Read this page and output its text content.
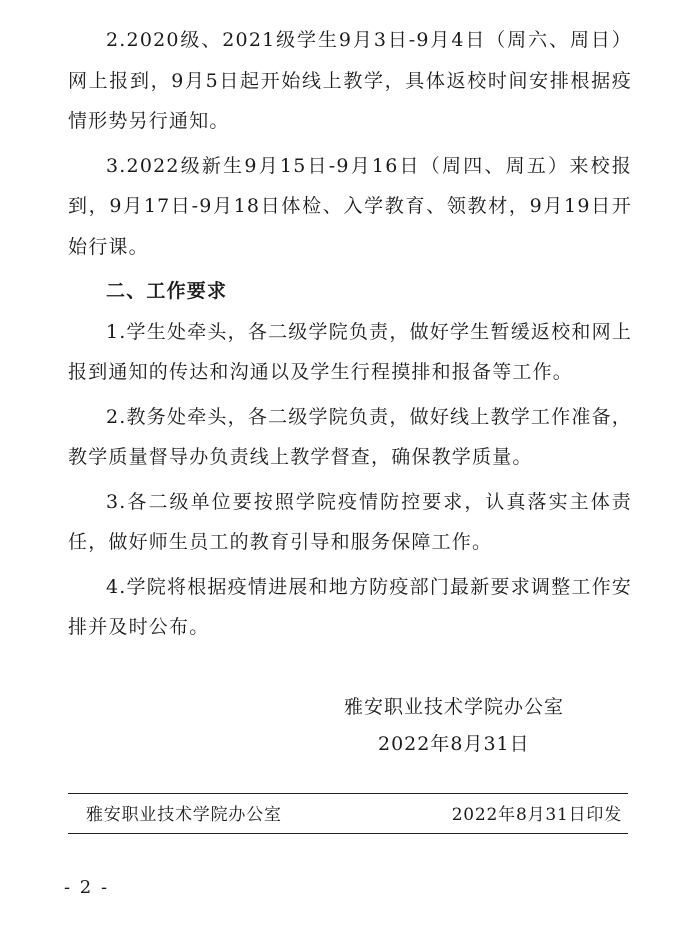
2.2020级、2021级学生9月3日-9月4日（周六、周日）网上报到，9月5日起开始线上教学，具体返校时间安排根据疫情形势另行通知。

3.2022级新生9月15日-9月16日（周四、周五）来校报到，9月17日-9月18日体检、入学教育、领教材，9月19日开始行课。

二、工作要求

1.学生处牵头，各二级学院负责，做好学生暂缓返校和网上报到通知的传达和沟通以及学生行程摸排和报备等工作。

2.教务处牵头，各二级学院负责，做好线上教学工作准备，教学质量督导办负责线上教学督查，确保教学质量。

3.各二级单位要按照学院疫情防控要求，认真落实主体责任，做好师生员工的教育引导和服务保障工作。

4.学院将根据疫情进展和地方防疫部门最新要求调整工作安排并及时公布。

雅安职业技术学院办公室
2022年8月31日
雅安职业技术学院办公室	2022年8月31日印发
- 2 -
